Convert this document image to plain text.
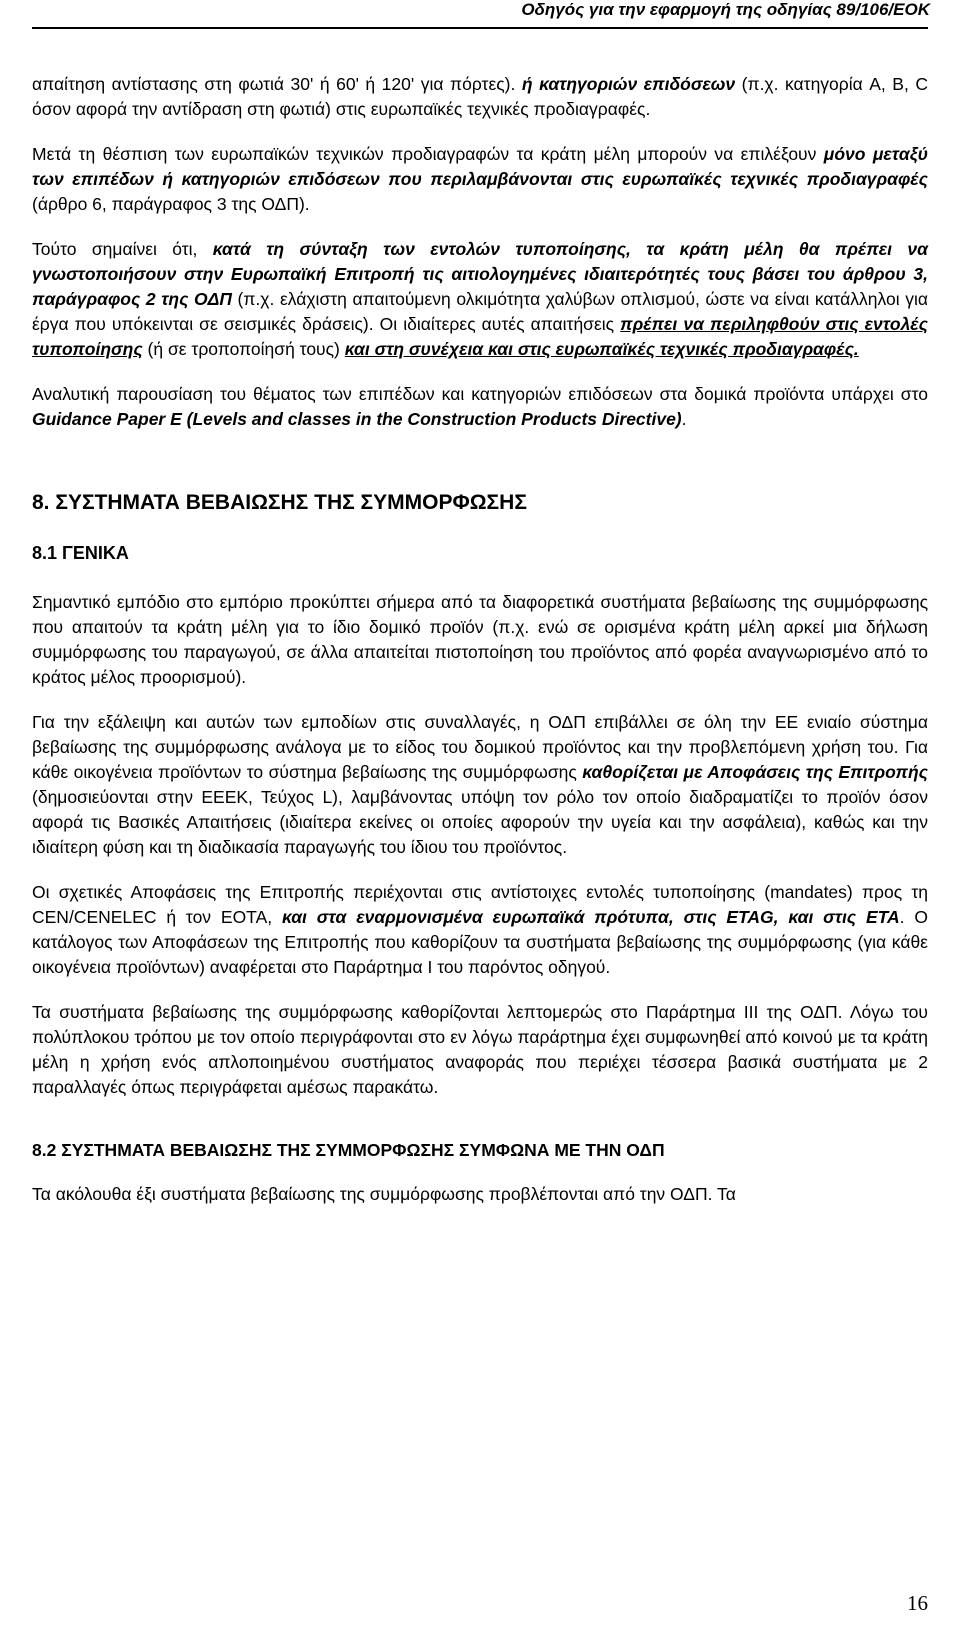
Οδηγός για την εφαρμογή της οδηγίας 89/106/ΕΟΚ

απαίτηση αντίστασης στη φωτιά 30' ή 60' ή 120' για πόρτες). ή κατηγοριών επιδόσεων (π.χ. κατηγορία A, B, C όσον αφορά την αντίδραση στη φωτιά) στις ευρωπαϊκές τεχνικές προδιαγραφές.

Μετά τη θέσπιση των ευρωπαϊκών τεχνικών προδιαγραφών τα κράτη μέλη μπορούν να επιλέξουν μόνο μεταξύ των επιπέδων ή κατηγοριών επιδόσεων που περιλαμβάνονται στις ευρωπαϊκές τεχνικές προδιαγραφές (άρθρο 6, παράγραφος 3 της ΟΔΠ).

Τούτο σημαίνει ότι, κατά τη σύνταξη των εντολών τυποποίησης, τα κράτη μέλη θα πρέπει να γνωστοποιήσουν στην Ευρωπαϊκή Επιτροπή τις αιτιολογημένες ιδιαιτερότητές τους βάσει του άρθρου 3, παράγραφος 2 της ΟΔΠ (π.χ. ελάχιστη απαιτούμενη ολκιμότητα χαλύβων οπλισμού, ώστε να είναι κατάλληλοι για έργα που υπόκεινται σε σεισμικές δράσεις). Οι ιδιαίτερες αυτές απαιτήσεις πρέπει να περιληφθούν στις εντολές τυποποίησης (ή σε τροποποίησή τους) και στη συνέχεια και στις ευρωπαϊκές τεχνικές προδιαγραφές.

Αναλυτική παρουσίαση του θέματος των επιπέδων και κατηγοριών επιδόσεων στα δομικά προϊόντα υπάρχει στο Guidance Paper E (Levels and classes in the Construction Products Directive).

8. ΣΥΣΤΗΜΑΤΑ ΒΕΒΑΙΩΣΗΣ ΤΗΣ ΣΥΜΜΟΡΦΩΣΗΣ
8.1 ΓΕΝΙΚΑ

Σημαντικό εμπόδιο στο εμπόριο προκύπτει σήμερα από τα διαφορετικά συστήματα βεβαίωσης της συμμόρφωσης που απαιτούν τα κράτη μέλη για το ίδιο δομικό προϊόν (π.χ. ενώ σε ορισμένα κράτη μέλη αρκεί μια δήλωση συμμόρφωσης του παραγωγού, σε άλλα απαιτείται πιστοποίηση του προϊόντος από φορέα αναγνωρισμένο από το κράτος μέλος προορισμού).

Για την εξάλειψη και αυτών των εμποδίων στις συναλλαγές, η ΟΔΠ επιβάλλει σε όλη την ΕΕ ενιαίο σύστημα βεβαίωσης της συμμόρφωσης ανάλογα με το είδος του δομικού προϊόντος και την προβλεπόμενη χρήση του. Για κάθε οικογένεια προϊόντων το σύστημα βεβαίωσης της συμμόρφωσης καθορίζεται με Αποφάσεις της Επιτροπής (δημοσιεύονται στην ΕΕΕΚ, Τεύχος L), λαμβάνοντας υπόψη τον ρόλο τον οποίο διαδραματίζει το προϊόν όσον αφορά τις Βασικές Απαιτήσεις (ιδιαίτερα εκείνες οι οποίες αφορούν την υγεία και την ασφάλεια), καθώς και την ιδιαίτερη φύση και τη διαδικασία παραγωγής του ίδιου του προϊόντος.

Οι σχετικές Αποφάσεις της Επιτροπής περιέχονται στις αντίστοιχες εντολές τυποποίησης (mandates) προς τη CEN/CENELEC ή τον ΕΟΤΑ, και στα εναρμονισμένα ευρωπαϊκά πρότυπα, στις ETAG, και στις ETA. Ο κατάλογος των Αποφάσεων της Επιτροπής που καθορίζουν τα συστήματα βεβαίωσης της συμμόρφωσης (για κάθε οικογένεια προϊόντων) αναφέρεται στο Παράρτημα Ι του παρόντος οδηγού.

Τα συστήματα βεβαίωσης της συμμόρφωσης καθορίζονται λεπτομερώς στο Παράρτημα ΙΙΙ της ΟΔΠ. Λόγω του πολύπλοκου τρόπου με τον οποίο περιγράφονται στο εν λόγω παράρτημα έχει συμφωνηθεί από κοινού με τα κράτη μέλη η χρήση ενός απλοποιημένου συστήματος αναφοράς που περιέχει τέσσερα βασικά συστήματα με 2 παραλλαγές όπως περιγράφεται αμέσως παρακάτω.

8.2 ΣΥΣΤΗΜΑΤΑ ΒΕΒΑΙΩΣΗΣ ΤΗΣ ΣΥΜΜΟΡΦΩΣΗΣ ΣΥΜΦΩΝΑ ΜΕ ΤΗΝ ΟΔΠ

Τα ακόλουθα έξι συστήματα βεβαίωσης της συμμόρφωσης προβλέπονται από την ΟΔΠ. Τα

16
